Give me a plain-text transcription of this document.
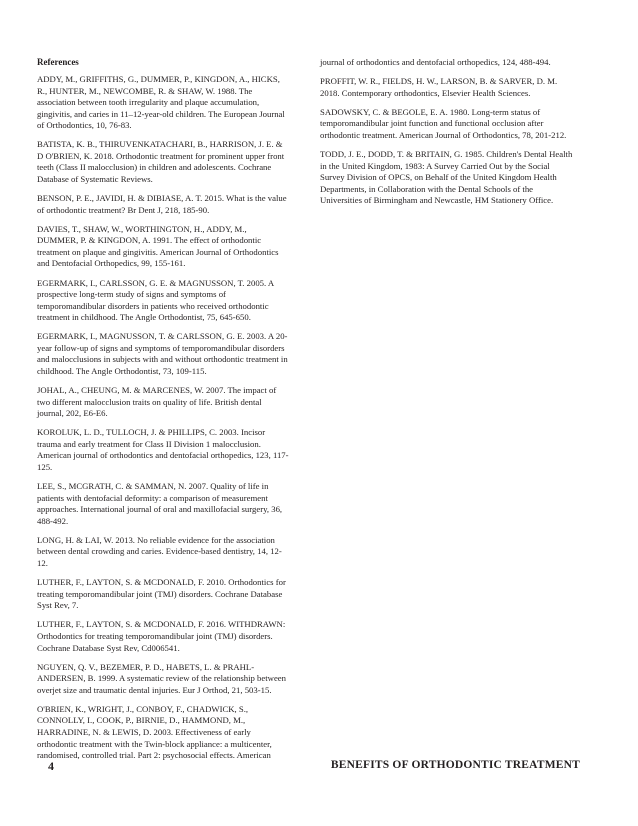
References

ADDY, M., GRIFFITHS, G., DUMMER, P., KINGDON, A., HICKS, R., HUNTER, M., NEWCOMBE, R. & SHAW, W. 1988. The association between tooth irregularity and plaque accumulation, gingivitis, and caries in 11–12-year-old children. The European Journal of Orthodontics, 10, 76-83.

BATISTA, K. B., THIRUVENKATACHARI, B., HARRISON, J. E. & D O'BRIEN, K. 2018. Orthodontic treatment for prominent upper front teeth (Class II malocclusion) in children and adolescents. Cochrane Database of Systematic Reviews.

BENSON, P. E., JAVIDI, H. & DIBIASE, A. T. 2015. What is the value of orthodontic treatment? Br Dent J, 218, 185-90.

DAVIES, T., SHAW, W., WORTHINGTON, H., ADDY, M., DUMMER, P. & KINGDON, A. 1991. The effect of orthodontic treatment on plaque and gingivitis. American Journal of Orthodontics and Dentofacial Orthopedics, 99, 155-161.

EGERMARK, I., CARLSSON, G. E. & MAGNUSSON, T. 2005. A prospective long-term study of signs and symptoms of temporomandibular disorders in patients who received orthodontic treatment in childhood. The Angle Orthodontist, 75, 645-650.

EGERMARK, I., MAGNUSSON, T. & CARLSSON, G. E. 2003. A 20-year follow-up of signs and symptoms of temporomandibular disorders and malocclusions in subjects with and without orthodontic treatment in childhood. The Angle Orthodontist, 73, 109-115.

JOHAL, A., CHEUNG, M. & MARCENES, W. 2007. The impact of two different malocclusion traits on quality of life. British dental journal, 202, E6-E6.

KOROLUK, L. D., TULLOCH, J. & PHILLIPS, C. 2003. Incisor trauma and early treatment for Class II Division 1 malocclusion. American journal of orthodontics and dentofacial orthopedics, 123, 117-125.

LEE, S., MCGRATH, C. & SAMMAN, N. 2007. Quality of life in patients with dentofacial deformity: a comparison of measurement approaches. International journal of oral and maxillofacial surgery, 36, 488-492.

LONG, H. & LAI, W. 2013. No reliable evidence for the association between dental crowding and caries. Evidence-based dentistry, 14, 12-12.

LUTHER, F., LAYTON, S. & MCDONALD, F. 2010. Orthodontics for treating temporomandibular joint (TMJ) disorders. Cochrane Database Syst Rev, 7.

LUTHER, F., LAYTON, S. & MCDONALD, F. 2016. WITHDRAWN: Orthodontics for treating temporomandibular joint (TMJ) disorders. Cochrane Database Syst Rev, Cd006541.

NGUYEN, Q. V., BEZEMER, P. D., HABETS, L. & PRAHL-ANDERSEN, B. 1999. A systematic review of the relationship between overjet size and traumatic dental injuries. Eur J Orthod, 21, 503-15.

O'BRIEN, K., WRIGHT, J., CONBOY, F., CHADWICK, S., CONNOLLY, I., COOK, P., BIRNIE, D., HAMMOND, M., HARRADINE, N. & LEWIS, D. 2003. Effectiveness of early orthodontic treatment with the Twin-block appliance: a multicenter, randomised, controlled trial. Part 2: psychosocial effects. American

journal of orthodontics and dentofacial orthopedics, 124, 488-494.

PROFFIT, W. R., FIELDS, H. W., LARSON, B. & SARVER, D. M. 2018. Contemporary orthodontics, Elsevier Health Sciences.

SADOWSKY, C. & BEGOLE, E. A. 1980. Long-term status of temporomandibular joint function and functional occlusion after orthodontic treatment. American Journal of Orthodontics, 78, 201-212.

TODD, J. E., DODD, T. & BRITAIN, G. 1985. Children's Dental Health in the United Kingdom, 1983: A Survey Carried Out by the Social Survey Division of OPCS, on Behalf of the United Kingdom Health Departments, in Collaboration with the Dental Schools of the Universities of Birmingham and Newcastle, HM Stationery Office.

4	BENEFITS OF ORTHODONTIC TREATMENT
